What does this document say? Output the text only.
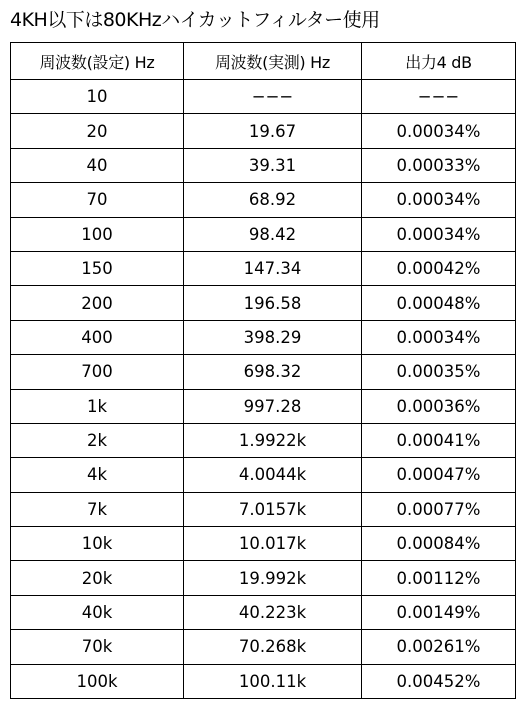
4KH以下は80KHzハイカットフィルター使用
周波数(設定) Hz	周波数(実測) Hz	出力4 dB
10	−−−	−−−
20	19.67	0.00034%
40	39.31	0.00033%
70	68.92	0.00034%
100	98.42	0.00034%
150	147.34	0.00042%
200	196.58	0.00048%
400	398.29	0.00034%
700	698.32	0.00035%
1k	997.28	0.00036%
2k	1.9922k	0.00041%
4k	4.0044k	0.00047%
7k	7.0157k	0.00077%
10k	10.017k	0.00084%
20k	19.992k	0.00112%
40k	40.223k	0.00149%
70k	70.268k	0.00261%
100k	100.11k	0.00452%
